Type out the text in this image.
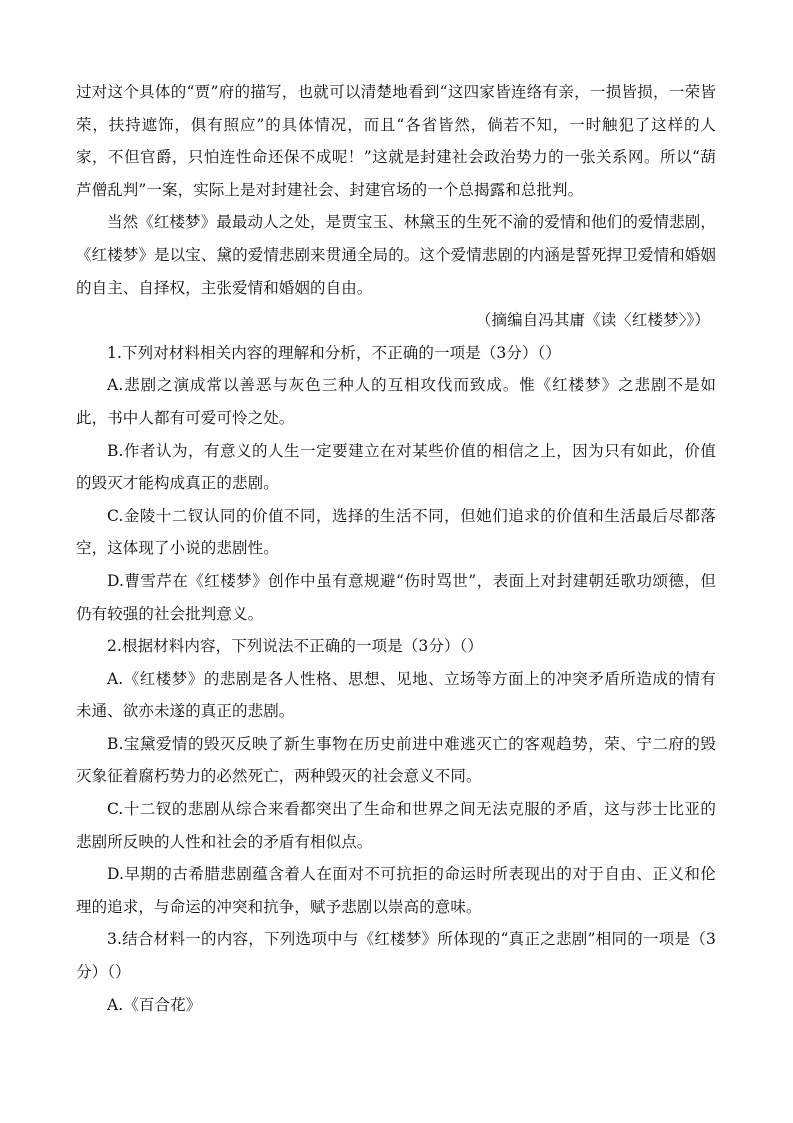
过对这个具体的“贾”府的描写，也就可以清楚地看到“这四家皆连络有亲，一损皆损，一荣皆荣，扶持遮饰，俱有照应”的具体情况，而且“各省皆然，倘若不知，一时触犯了这样的人家，不但官爵，只怕连性命还保不成呢！”这就是封建社会政治势力的一张关系网。所以“葫芦僧乱判”一案，实际上是对封建社会、封建官场的一个总揭露和总批判。

当然《红楼梦》最最动人之处，是贾宝玉、林黛玉的生死不渝的爱情和他们的爱情悲剧，《红楼梦》是以宝、黛的爱情悲剧来贯通全局的。这个爱情悲剧的内涵是誓死捍卫爱情和婚姻的自主、自择权，主张爱情和婚姻的自由。

（摘编自冯其庸《读〈红楼梦〉》）

1.下列对材料相关内容的理解和分析，不正确的一项是（3分）（）

A.悲剧之演成常以善恶与灰色三种人的互相攻伐而致成。惟《红楼梦》之悲剧不是如此，书中人都有可爱可怜之处。

B.作者认为，有意义的人生一定要建立在对某些价值的相信之上，因为只有如此，价值的毁灭才能构成真正的悲剧。

C.金陵十二钗认同的价值不同，选择的生活不同，但她们追求的价值和生活最后尽都落空，这体现了小说的悲剧性。

D.曹雪芹在《红楼梦》创作中虽有意规避“伤时骂世”，表面上对封建朝廷歌功颂德，但仍有较强的社会批判意义。

2.根据材料内容，下列说法不正确的一项是（3分）（）

A.《红楼梦》的悲剧是各人性格、思想、见地、立场等方面上的冲突矛盾所造成的情有未通、欲亦未遂的真正的悲剧。

B.宝黛爱情的毁灭反映了新生事物在历史前进中难逃灭亡的客观趋势，荣、宁二府的毁灭象征着腐朽势力的必然死亡，两种毁灭的社会意义不同。

C.十二钗的悲剧从综合来看都突出了生命和世界之间无法克服的矛盾，这与莎士比亚的悲剧所反映的人性和社会的矛盾有相似点。

D.早期的古希腊悲剧蕴含着人在面对不可抗拒的命运时所表现出的对于自由、正义和伦理的追求，与命运的冲突和抗争，赋予悲剧以崇高的意味。

3.结合材料一的内容，下列选项中与《红楼梦》所体现的“真正之悲剧”相同的一项是（3分）（）

A.《百合花》
